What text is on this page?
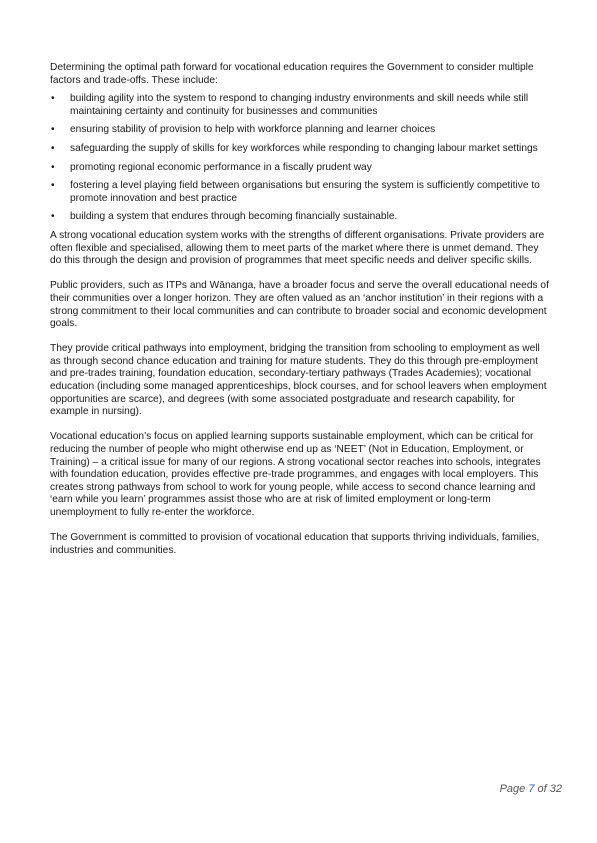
Determining the optimal path forward for vocational education requires the Government to consider multiple factors and trade-offs. These include:

• building agility into the system to respond to changing industry environments and skill needs while still maintaining certainty and continuity for businesses and communities
• ensuring stability of provision to help with workforce planning and learner choices
• safeguarding the supply of skills for key workforces while responding to changing labour market settings
• promoting regional economic performance in a fiscally prudent way
• fostering a level playing field between organisations but ensuring the system is sufficiently competitive to promote innovation and best practice
• building a system that endures through becoming financially sustainable.

A strong vocational education system works with the strengths of different organisations. Private providers are often flexible and specialised, allowing them to meet parts of the market where there is unmet demand. They do this through the design and provision of programmes that meet specific needs and deliver specific skills.

Public providers, such as ITPs and Wānanga, have a broader focus and serve the overall educational needs of their communities over a longer horizon. They are often valued as an ‘anchor institution’ in their regions with a strong commitment to their local communities and can contribute to broader social and economic development goals.

They provide critical pathways into employment, bridging the transition from schooling to employment as well as through second chance education and training for mature students. They do this through pre-employment and pre-trades training, foundation education, secondary-tertiary pathways (Trades Academies); vocational education (including some managed apprenticeships, block courses, and for school leavers when employment opportunities are scarce), and degrees (with some associated postgraduate and research capability, for example in nursing).

Vocational education’s focus on applied learning supports sustainable employment, which can be critical for reducing the number of people who might otherwise end up as ‘NEET’ (Not in Education, Employment, or Training) – a critical issue for many of our regions. A strong vocational sector reaches into schools, integrates with foundation education, provides effective pre-trade programmes, and engages with local employers. This creates strong pathways from school to work for young people, while access to second chance learning and ‘earn while you learn’ programmes assist those who are at risk of limited employment or long-term unemployment to fully re-enter the workforce.

The Government is committed to provision of vocational education that supports thriving individuals, families, industries and communities.

Page 7 of 32
